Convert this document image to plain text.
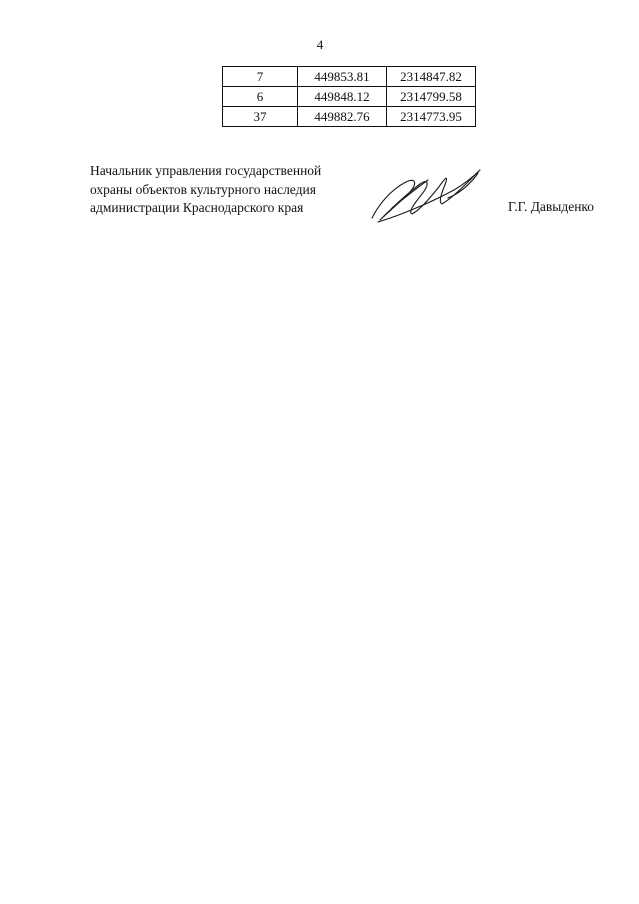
4
7	449853.81	2314847.82
6	449848.12	2314799.58
37	449882.76	2314773.95
Начальник управления государственной
охраны объектов культурного наследия
администрации Краснодарского края	Г.Г. Давыденко
